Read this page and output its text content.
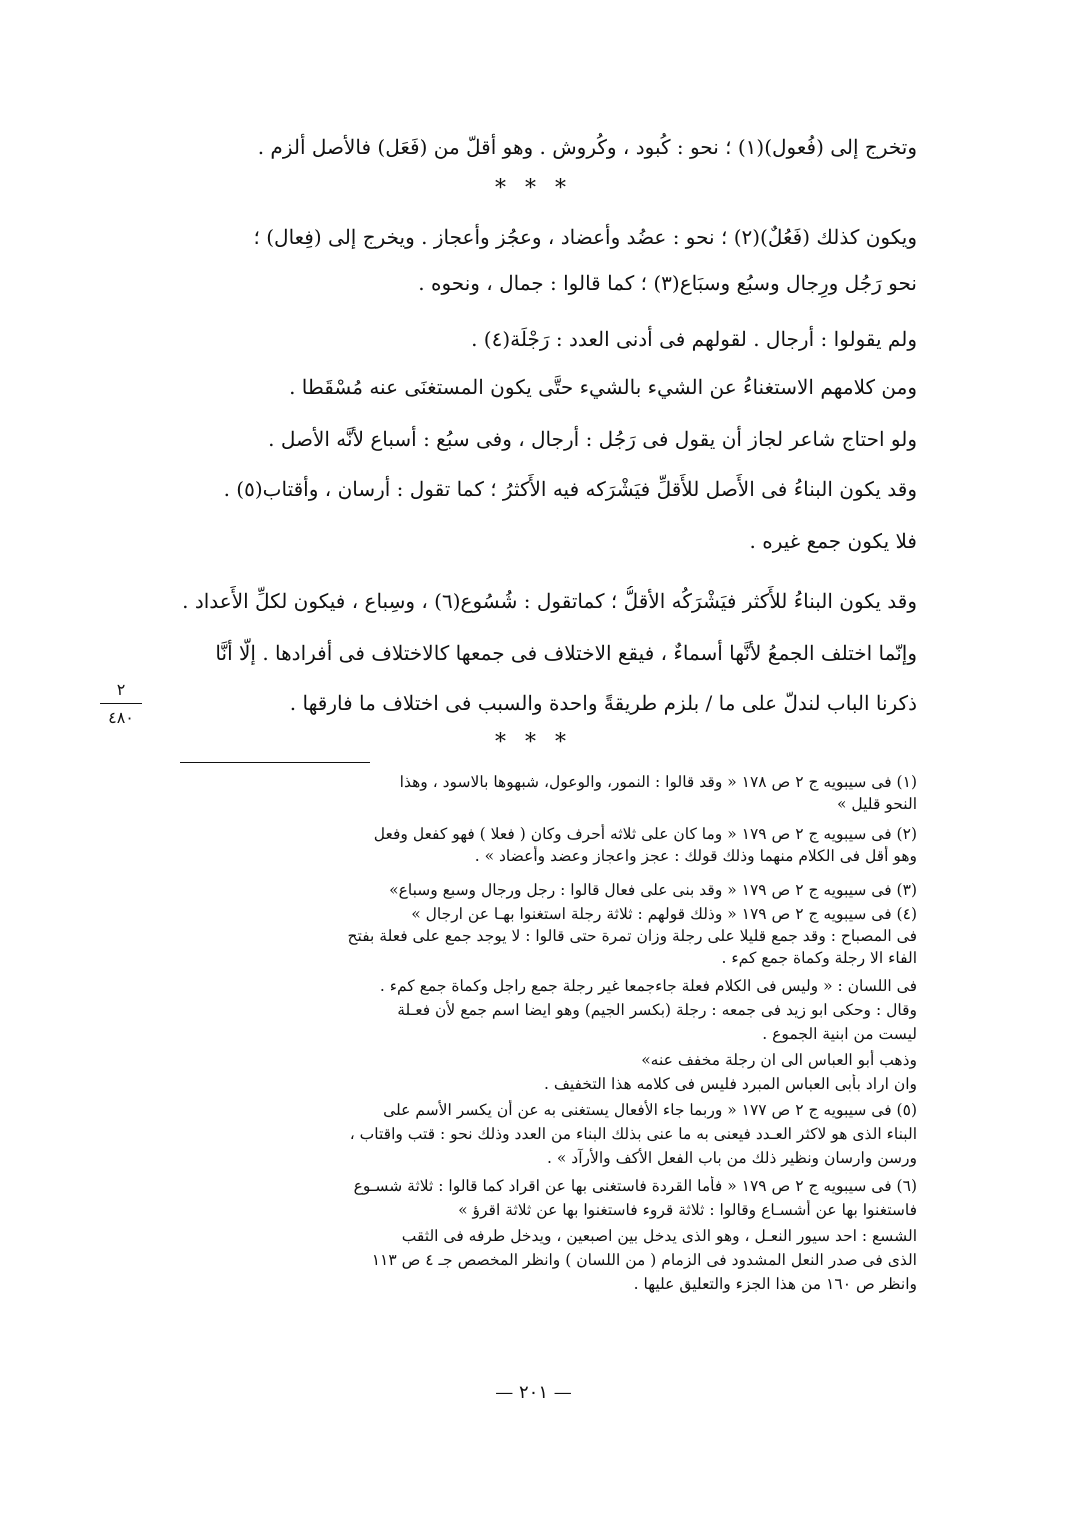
وتخرج إلى (فُعول)(١) ؛ نحو : كُبود ، وكُروش . وهو أقلّ من (فَعَل) فالأصل ألزم .
* * *
ويكون كذلك (فَعُلٌ)(٢) ؛ نحو : عضُد وأعضاد ، وعجُز وأعجاز . ويخرج إلى (فِعال) ؛
نحو رَجُل ورِجال وسبُع وسبَاع(٣) ؛ كما قالوا : جمال ، ونحوه .
ولم يقولوا : أرجال . لقولهم فى أدنى العدد : رَجْلَة(٤) .
ومن كلامهم الاستغناءُ عن الشيء بالشيء حتَّى يكون المستغنَى عنه مُسْقَطا .
ولو احتاج شاعر لجاز أن يقول فى رَجُل : أرجال ، وفى سبُع : أسباع لأنَّه الأصل .
وقد يكون البناءُ فى الأَصل للأَقلِّ فيَشْرَكه فيه الأَكثرُ ؛ كما تقول : أرسان ، وأقتاب(٥) .
فلا يكون جمع غيره .
وقد يكون البناءُ للأَكثر فيَشْرَكُه الأقلُّ ؛ كماتقول : شُسُوع(٦) ، وسِباع ، فيكون لكلِّ الأَعداد .
وإنّما اختلف الجمعُ لأنَّها أسماءٌ ، فيقع الاختلاف فى جمعها كالاختلاف فى أفرادها . إلَّا أنَّا
ذكرنا الباب لندلّ على ما / بلزم طريقةً واحدة والسبب فى اختلاف ما فارقها .
* * *
٢
٤٨٠
(١) فى سيبويه ج ٢ ص ١٧٨ « وقد قالوا : النمور، والوعول، شبهوها بالاسود ، وهذا
النحو قليل »
(٢) فى سيبويه ج ٢ ص ١٧٩ « وما كان على ثلاثه أحرف وكان ( فعلا ) فهو كفعل وفعل
وهو أقل فى الكلام منهما وذلك قولك : عجز واعجاز وعضد وأعضاد » .
(٣) فى سيبويه ج ٢ ص ١٧٩ « وقد بنى على فعال قالوا : رجل ورجال وسبع وسباع»
(٤) فى سيبويه ج ٢ ص ١٧٩ « وذلك قولهم : ثلاثة رجلة استغنوا بهـا عن ارجال »
فى المصباح : وقد جمع قليلا على رجلة وزان تمرة حتى قالوا : لا يوجد جمع على فعلة بفتح
الفاء الا رجلة وكماة جمع كمء .
فى اللسان : « وليس فى الكلام فعلة جاءجمعا غير رجلة جمع راجل وكماة جمع كمء .
وقال : وحكى ابو زيد فى جمعه : رجلة (بكسر الجيم) وهو ايضا اسم جمع لأن فعـلة
ليست من ابنية الجموع .
وذهب أبو العباس الى ان رجلة مخفف عنه»
وان اراد بأبى العباس المبرد فليس فى كلامه هذا التخفيف .
(٥) فى سيبويه ج ٢ ص ١٧٧ « وربما جاء الأفعال يستغنى به عن أن يكسر الأسم على
البناء الذى هو لاكثر العـدد فيعنى به ما عنى بذلك البناء من العدد وذلك نحو : قتب واقتاب ،
ورسن وارسان ونظير ذلك من باب الفعل الأكف والأرآد » .
(٦) فى سيبويه ج ٢ ص ١٧٩ « فأما القردة فاستغنى بها عن اقراد كما قالوا : ثلاثة شسـوع
فاستغنوا بها عن أشسـاع وقالوا : ثلاثة قروء فاستغنوا بها عن ثلاثة اقرؤ »
الشسع : احد سيور النعـل ، وهو الذى يدخل بين اصبعين ، ويدخل طرفه فى الثقب
الذى فى صدر النعل المشدود فى الزمام ( من اللسان ) وانظر المخصص جـ ٤ ص ١١٣
وانظر ص ١٦٠ من هذا الجزء والتعليق عليها .
— ٢٠١ —
